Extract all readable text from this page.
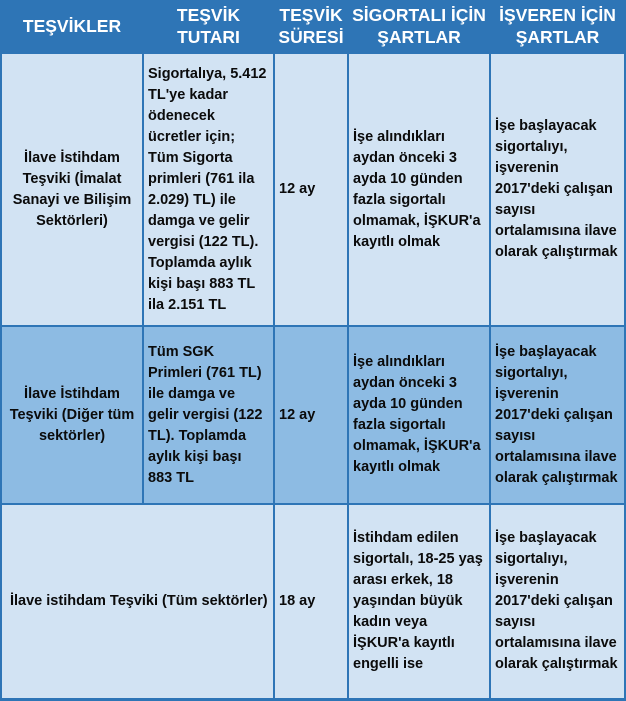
TEŞVİKLER	TEŞVİK TUTARI	TEŞVİK SÜRESİ	SİGORTALI İÇİN ŞARTLAR	İŞVEREN İÇİN ŞARTLAR
İlave İstihdam Teşviki (İmalat Sanayi ve Bilişim Sektörleri)	Sigortalıya, 5.412 TL'ye kadar ödenecek ücretler için; Tüm Sigorta primleri (761 ila 2.029) TL) ile damga ve gelir vergisi (122 TL). Toplamda aylık kişi başı 883 TL ila 2.151 TL	12 ay	İşe alındıkları aydan önceki 3 ayda 10 günden fazla sigortalı olmamak, İŞKUR'a kayıtlı olmak	İşe başlayacak sigortalıyı, işverenin 2017'deki çalışan sayısı ortalamısına ilave olarak çalıştırmak
İlave İstihdam Teşviki (Diğer tüm sektörler)	Tüm SGK Primleri (761 TL) ile damga ve gelir vergisi (122 TL). Toplamda aylık kişi başı 883 TL	12 ay	İşe alındıkları aydan önceki 3 ayda 10 günden fazla sigortalı olmamak, İŞKUR'a kayıtlı olmak	İşe başlayacak sigortalıyı, işverenin 2017'deki çalışan sayısı ortalamısına ilave olarak çalıştırmak
İlave istihdam Teşviki (Tüm sektörler)		18 ay	İstihdam edilen sigortalı, 18-25 yaş arası erkek, 18 yaşından büyük kadın veya İŞKUR'a kayıtlı engelli ise	İşe başlayacak sigortalıyı, işverenin 2017'deki çalışan sayısı ortalamısına ilave olarak çalıştırmak
